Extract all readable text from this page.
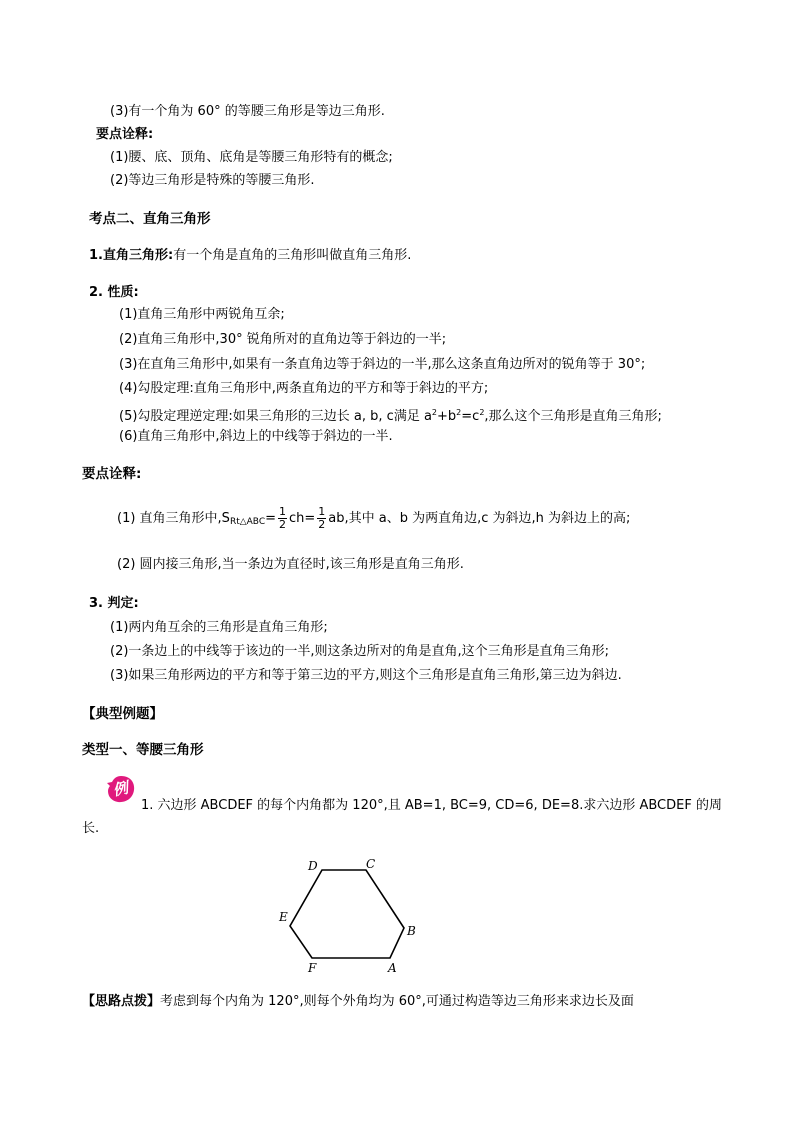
(3)有一个角为 60° 的等腰三角形是等边三角形.
要点诠释:
(1)腰、底、顶角、底角是等腰三角形特有的概念;
(2)等边三角形是特殊的等腰三角形.
考点二、直角三角形
1.直角三角形:有一个角是直角的三角形叫做直角三角形.
2. 性质:
(1)直角三角形中两锐角互余;
(2)直角三角形中,30° 锐角所对的直角边等于斜边的一半;
(3)在直角三角形中,如果有一条直角边等于斜边的一半,那么这条直角边所对的锐角等于 30°;
(4)勾股定理:直角三角形中,两条直角边的平方和等于斜边的平方;
(5)勾股定理逆定理:如果三角形的三边长 a, b, c满足 $a^2+b^2=c^2$,那么这个三角形是直角三角形;
(6)直角三角形中,斜边上的中线等于斜边的一半.
要点诠释:
(1) 直角三角形中$,S_{Rt\triangle ABC}= \frac{1}{2} ch= \frac{1}{2}$ ab,其中 a、b 为两直角边,c 为斜边,h 为斜边上的高;
(2) 圆内接三角形,当一条边为直径时,该三角形是直角三角形.
3. 判定:
(1)两内角互余的三角形是直角三角形;
(2)一条边上的中线等于该边的一半,则这条边所对的角是直角,这个三角形是直角三角形;
(3)如果三角形两边的平方和等于第三边的平方,则这个三角形是直角三角形,第三边为斜边.
【典型例题】
类型一、等腰三角形
例
1. 六边形 ABCDEF 的每个内角都为 120°,且 AB=1, BC=9, CD=6, DE=8.求六边形 ABCDEF 的周
长.
D	C
B
A
F
E
【思路点拨】考虑到每个内角为 120°,则每个外角均为 60°,可通过构造等边三角形来求边长及面
